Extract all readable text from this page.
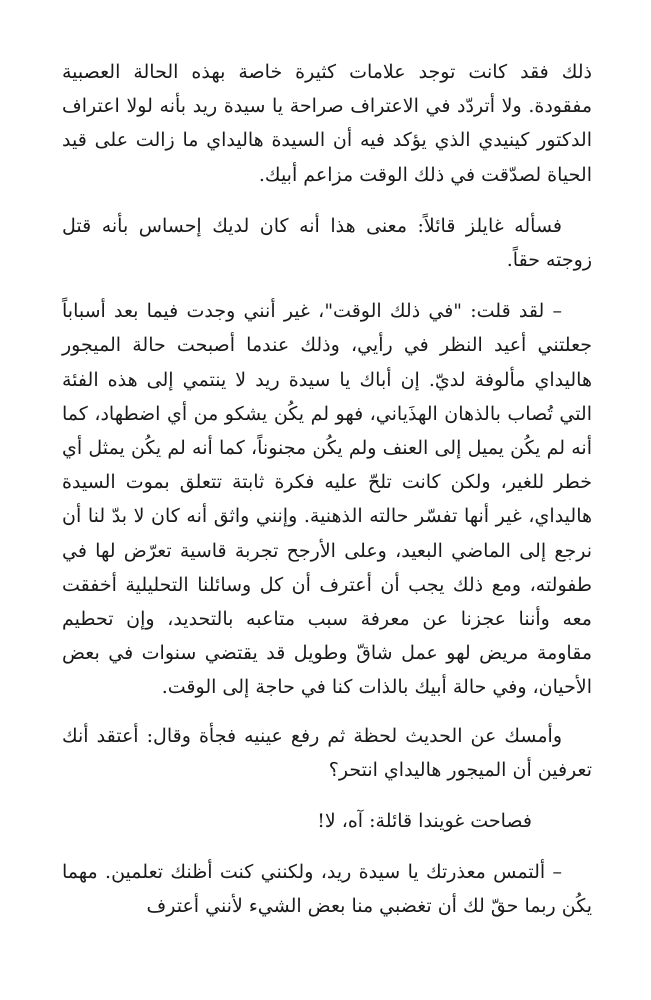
ذلك فقد كانت توجد علامات كثيرة خاصة بهذه الحالة العصبية مفقودة. ولا أتردّد في الاعتراف صراحة يا سيدة ريد بأنه لولا اعتراف الدكتور كينيدي الذي يؤكد فيه أن السيدة هاليداي ما زالت على قيد الحياة لصدّقت في ذلك الوقت مزاعم أبيك.

فسأله غايلز قائلاً: معنى هذا أنه كان لديك إحساس بأنه قتل زوجته حقاً.

– لقد قلت: "في ذلك الوقت"، غير أنني وجدت فيما بعد أسباباً جعلتني أعيد النظر في رأيي، وذلك عندما أصبحت حالة الميجور هاليداي مألوفة لديّ. إن أباك يا سيدة ريد لا ينتمي إلى هذه الفئة التي تُصاب بالذهان الهذَياني، فهو لم يكُن يشكو من أي اضطهاد، كما أنه لم يكُن يميل إلى العنف ولم يكُن مجنوناً، كما أنه لم يكُن يمثل أي خطر للغير، ولكن كانت تلحّ عليه فكرة ثابتة تتعلق بموت السيدة هاليداي، غير أنها تفسّر حالته الذهنية. وإنني واثق أنه كان لا بدّ لنا أن نرجع إلى الماضي البعيد، وعلى الأرجح تجربة قاسية تعرّض لها في طفولته، ومع ذلك يجب أن أعترف أن كل وسائلنا التحليلية أخفقت معه وأننا عجزنا عن معرفة سبب متاعبه بالتحديد، وإن تحطيم مقاومة مريض لهو عمل شاقّ وطويل قد يقتضي سنوات في بعض الأحيان، وفي حالة أبيك بالذات كنا في حاجة إلى الوقت.

وأمسك عن الحديث لحظة ثم رفع عينيه فجأة وقال: أعتقد أنك تعرفين أن الميجور هاليداي انتحر؟

فصاحت غويندا قائلة: آه، لا!

– ألتمس معذرتك يا سيدة ريد، ولكنني كنت أظنك تعلمين. مهما يكُن ربما حقّ لك أن تغضبي منا بعض الشيء لأنني أعترف
